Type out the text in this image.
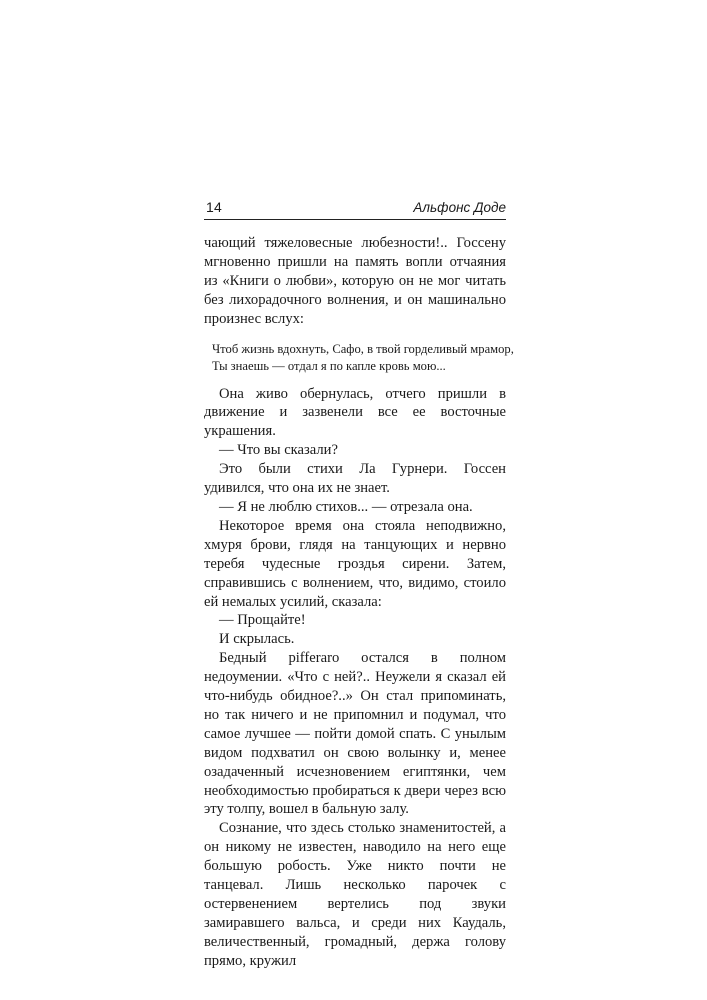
14	Альфонс Доде

чающий тяжеловесные любезности!.. Госсену мгновенно пришли на память вопли отчаяния из «Книги о любви», которую он не мог читать без лихорадочного волнения, и он машинально произнес вслух:

Чтоб жизнь вдохнуть, Сафо, в твой горделивый мрамор,
Ты знаешь — отдал я по капле кровь мою...

Она живо обернулась, отчего пришли в движение и зазвенели все ее восточные украшения.

— Что вы сказали?

Это были стихи Ла Гурнери. Госсен удивился, что она их не знает.

— Я не люблю стихов... — отрезала она.

Некоторое время она стояла неподвижно, хмуря брови, глядя на танцующих и нервно теребя чудесные гроздья сирени. Затем, справившись с волнением, что, видимо, стоило ей немалых усилий, сказала:

— Прощайте!

И скрылась.

Бедный pifferaro остался в полном недоумении. «Что с ней?.. Неужели я сказал ей что-нибудь обидное?..» Он стал припоминать, но так ничего и не припомнил и подумал, что самое лучшее — пойти домой спать. С унылым видом подхватил он свою волынку и, менее озадаченный исчезновением египтянки, чем необходимостью пробираться к двери через всю эту толпу, вошел в бальную залу.

Сознание, что здесь столько знаменитостей, а он никому не известен, наводило на него еще большую робость. Уже никто почти не танцевал. Лишь несколько парочек с остервенением вертелись под звуки замиравшего вальса, и среди них Каудаль, величественный, громадный, держа голову прямо, кружил
